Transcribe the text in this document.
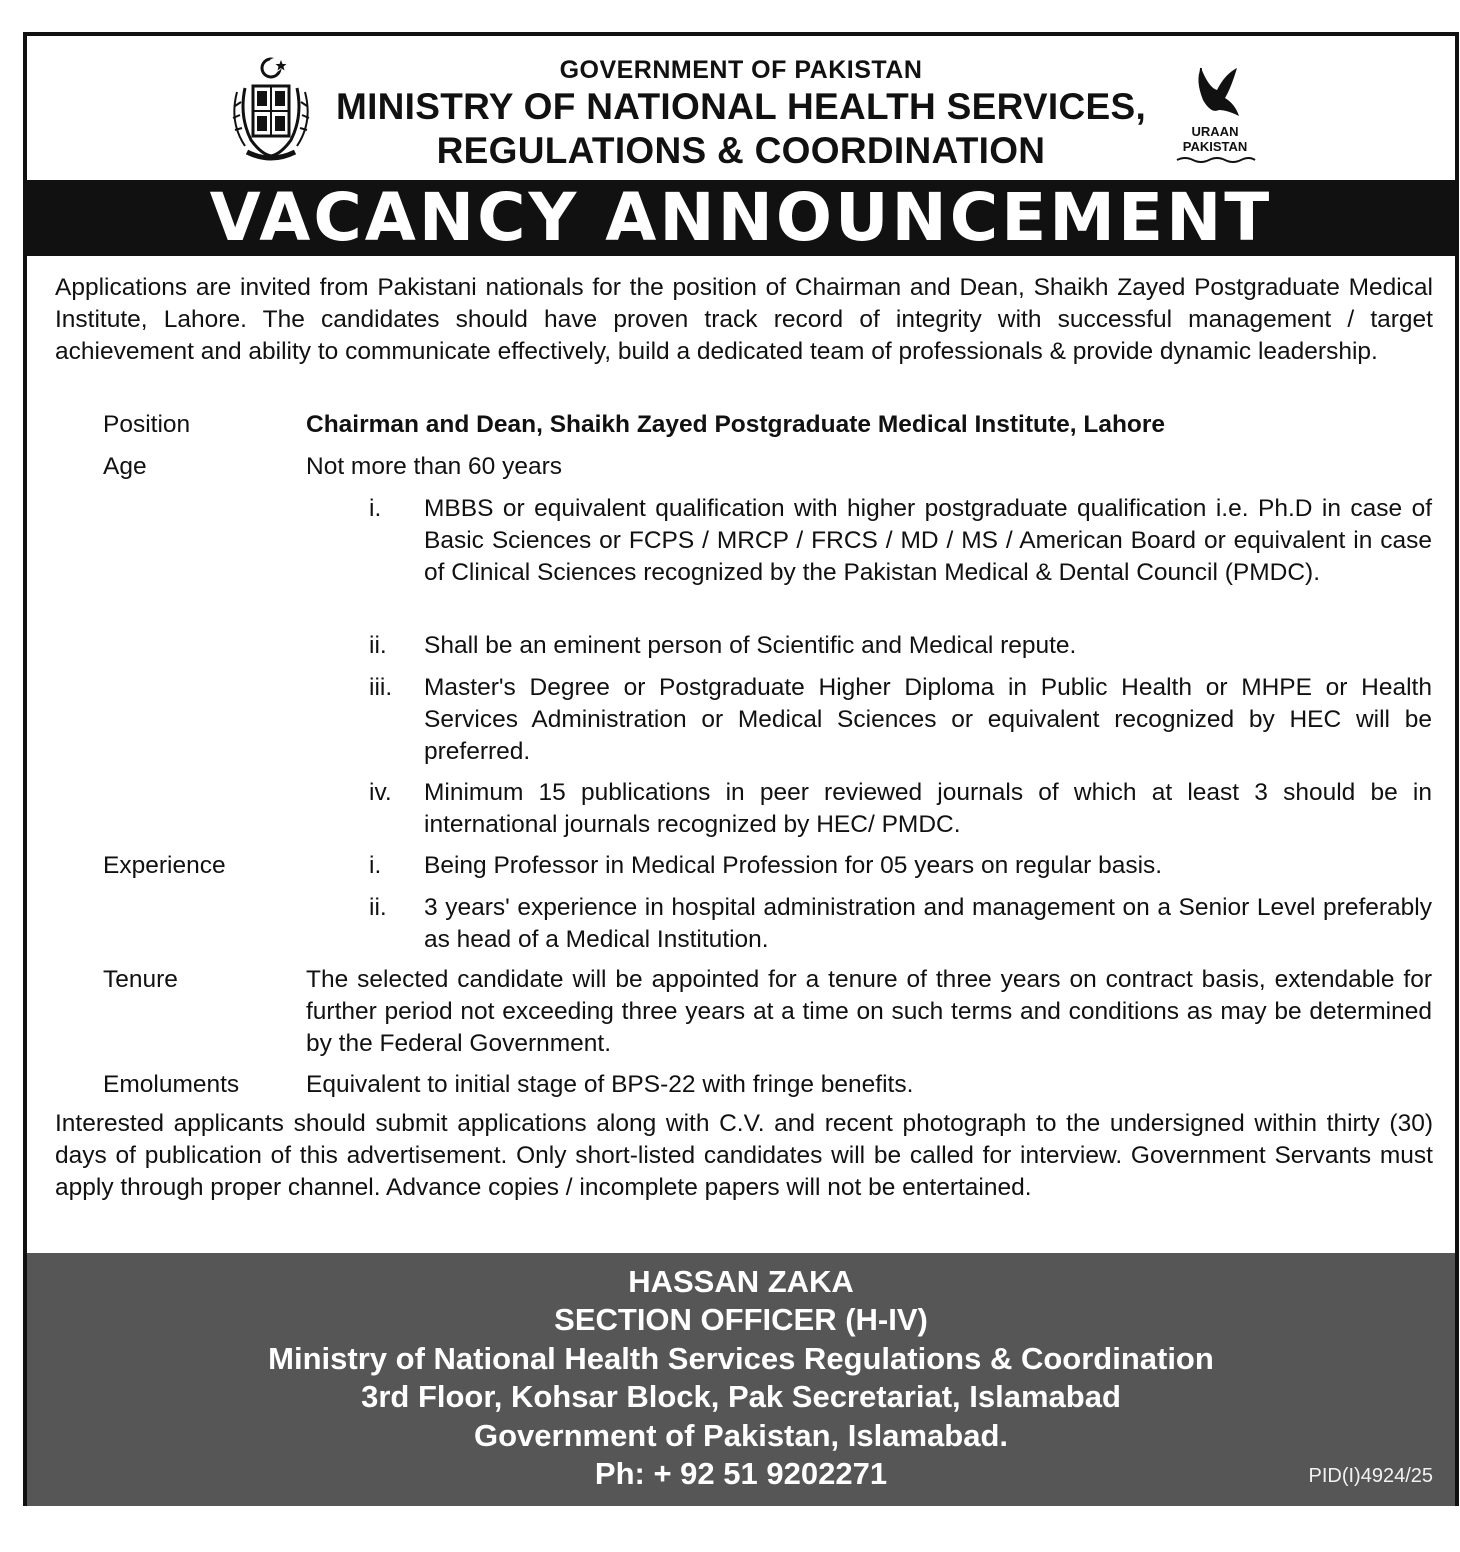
GOVERNMENT OF PAKISTAN
MINISTRY OF NATIONAL HEALTH SERVICES,
REGULATIONS & COORDINATION	URAAN
PAKISTAN
VACANCY ANNOUNCEMENT

Applications are invited from Pakistani nationals for the position of Chairman and Dean, Shaikh Zayed Postgraduate Medical Institute, Lahore. The candidates should have proven track record of integrity with successful management / target achievement and ability to communicate effectively, build a dedicated team of professionals & provide dynamic leadership.

Position	Chairman and Dean, Shaikh Zayed Postgraduate Medical Institute, Lahore
Age	Not more than 60 years
i. MBBS or equivalent qualification with higher postgraduate qualification i.e. Ph.D in case of Basic Sciences or FCPS / MRCP / FRCS / MD / MS / American Board or equivalent in case of Clinical Sciences recognized by the Pakistan Medical & Dental Council (PMDC).
ii. Shall be an eminent person of Scientific and Medical repute.
iii. Master's Degree or Postgraduate Higher Diploma in Public Health or MHPE or Health Services Administration or Medical Sciences or equivalent recognized by HEC will be preferred.
iv. Minimum 15 publications in peer reviewed journals of which at least 3 should be in international journals recognized by HEC/ PMDC.
Experience	i. Being Professor in Medical Profession for 05 years on regular basis.
ii. 3 years' experience in hospital administration and management on a Senior Level preferably as head of a Medical Institution.
Tenure	The selected candidate will be appointed for a tenure of three years on contract basis, extendable for further period not exceeding three years at a time on such terms and conditions as may be determined by the Federal Government.
Emoluments	Equivalent to initial stage of BPS-22 with fringe benefits.

Interested applicants should submit applications along with C.V. and recent photograph to the undersigned within thirty (30) days of publication of this advertisement. Only short-listed candidates will be called for interview. Government Servants must apply through proper channel. Advance copies / incomplete papers will not be entertained.

HASSAN ZAKA
SECTION OFFICER (H-IV)
Ministry of National Health Services Regulations & Coordination
3rd Floor, Kohsar Block, Pak Secretariat, Islamabad
Government of Pakistan, Islamabad.
Ph: + 92 51 9202271	PID(I)4924/25
